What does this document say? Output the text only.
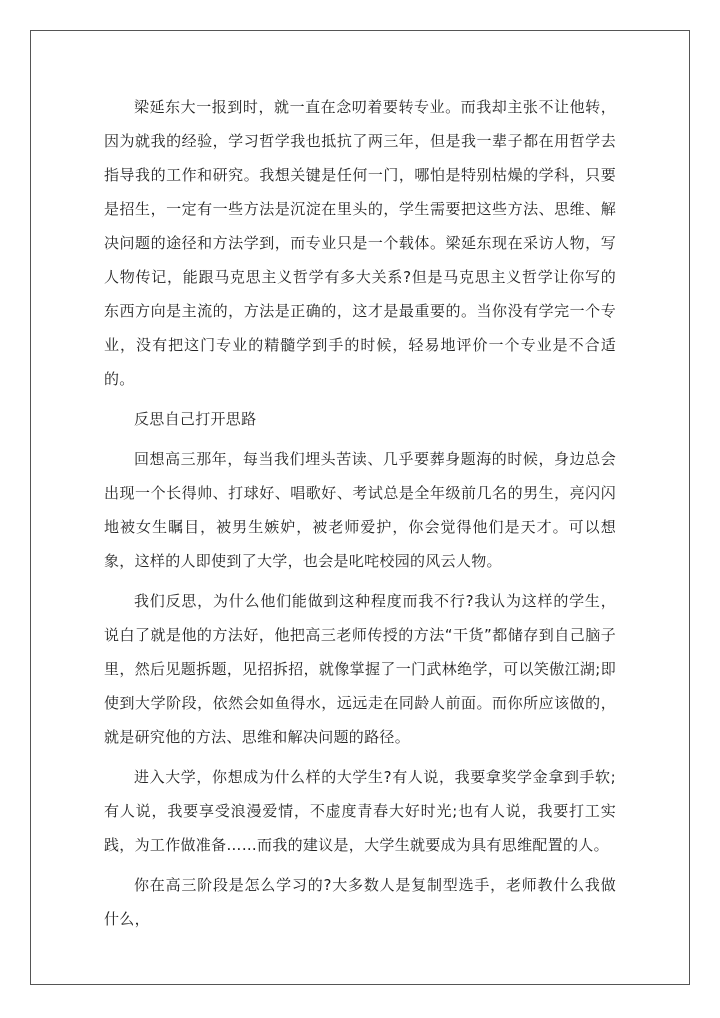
梁延东大一报到时，就一直在念叨着要转专业。而我却主张不让他转，因为就我的经验，学习哲学我也抵抗了两三年，但是我一辈子都在用哲学去指导我的工作和研究。我想关键是任何一门，哪怕是特别枯燥的学科，只要是招生，一定有一些方法是沉淀在里头的，学生需要把这些方法、思维、解决问题的途径和方法学到，而专业只是一个载体。梁延东现在采访人物，写人物传记，能跟马克思主义哲学有多大关系?但是马克思主义哲学让你写的东西方向是主流的，方法是正确的，这才是最重要的。当你没有学完一个专业，没有把这门专业的精髓学到手的时候，轻易地评价一个专业是不合适的。

反思自己打开思路

回想高三那年，每当我们埋头苦读、几乎要葬身题海的时候，身边总会出现一个长得帅、打球好、唱歌好、考试总是全年级前几名的男生，亮闪闪地被女生瞩目，被男生嫉妒，被老师爱护，你会觉得他们是天才。可以想象，这样的人即使到了大学，也会是叱咤校园的风云人物。

我们反思，为什么他们能做到这种程度而我不行?我认为这样的学生，说白了就是他的方法好，他把高三老师传授的方法“干货”都储存到自己脑子里，然后见题拆题，见招拆招，就像掌握了一门武林绝学，可以笑傲江湖;即使到大学阶段，依然会如鱼得水，远远走在同龄人前面。而你所应该做的，就是研究他的方法、思维和解决问题的路径。

进入大学，你想成为什么样的大学生?有人说，我要拿奖学金拿到手软;有人说，我要享受浪漫爱情，不虚度青春大好时光;也有人说，我要打工实践，为工作做准备……而我的建议是，大学生就要成为具有思维配置的人。

你在高三阶段是怎么学习的?大多数人是复制型选手，老师教什么我做什么，
